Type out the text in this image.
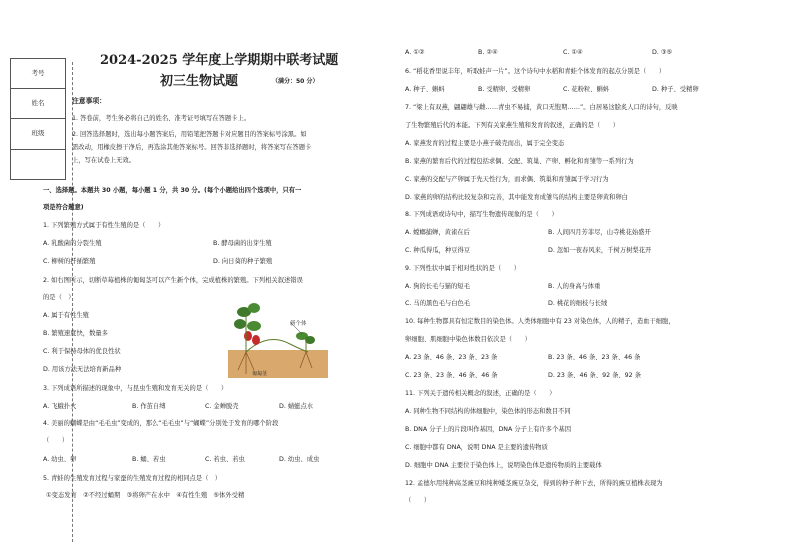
考号
姓名
班级
2024-2025 学年度上学期期中联考试题
初三生物试题	（满分：50 分）
注意事项：
1. 答卷前，考生务必将自己的姓名、准考证号填写在答题卡上。
2. 回答选择题时，选出每小题答案后，用铅笔把答题卡对应题目的答案标号涂黑。如
需改动，用橡皮擦干净后，再选涂其他答案标号。回答非选择题时，将答案写在答题卡
上，写在试卷上无效。
一、选择题。本题共 30 小题，每小题 1 分，共 30 分。(每个小题给出四个选项中，只有一
项是符合题意)
1. 下列繁殖方式属于有性生殖的是（　　）
A. 乳酸菌的分裂生殖	B. 酵母菌的出芽生殖
C. 柳树的扦插繁殖	D. 向日葵的种子繁殖
2. 如右图所示，切断草莓植株的匍匐茎可以产生新个体，完成植株的繁殖。下列相关叙述错误
的是（　）
A. 属于有性生殖
B. 繁殖速度快，数量多
C. 利于保持母体的优良性状
D. 用该方法无法培育新品种
新个体
匍匐茎
3. 下列成语所描述的现象中，与昆虫生殖和发育无关的是（　　）
A. 飞蛾扑火	B. 作茧自缚	C. 金蝉脱壳	D. 蜻蜓点水
4. 美丽的蝴蝶是由“毛毛虫”变成的，那么“毛毛虫”与“蝴蝶”分别处于发育的哪个阶段
（　　）
A. 幼虫、卵	B. 蛹、若虫	C. 若虫、若虫	D. 幼虫、成虫
5. 青蛙的生殖发育过程与家蚕的生殖发育过程的相同点是（　）
①变态发育　②不经过蛹期　③将卵产在水中　④有性生殖　⑤体外受精
A. ①②	B. ②④	C. ①④	D. ③⑤
6. “稻花香里说丰年，听取蛙声一片”。这个诗句中水稻和青蛙个体发育的起点分别是（　　）
A. 种子、蝌蚪	B. 受精卵、受精卵	C. 花粉粒、蝌蚪	D. 种子、受精卵
7. “梁上有双燕，翩翩雄与雌……青虫不易捕，黄口无饱期……”。白居易这脍炙人口的诗句，反映
了生物繁殖后代的本能。下列有关家燕生殖和发育的叙述，正确的是（　　）
A. 家燕发育的过程主要是小燕子破壳而出，属于完全变态
B. 家燕的繁育后代的过程包括求偶、交配、筑巢、产卵、孵化和育雏等一系列行为
C. 家燕的交配与产卵属于先天性行为，而求偶、筑巢和育雏属于学习行为
D. 家燕的卵的结构比较复杂和完善，其中能发育成雏鸟的结构主要是卵黄和卵白
8. 下列成语或诗句中，描写生物遗传现象的是（　　）
A. 螳螂捕蝉，黄雀在后	B. 人间四月芳菲尽，山寺桃花始盛开
C. 种瓜得瓜，种豆得豆	D. 忽如一夜春风来，千树万树梨花开
9. 下列性状中属于相对性状的是（　　）
A. 狗的长毛与猫的短毛	B. 人的身高与体重
C. 马的黑色毛与白色毛	D. 桃花的细枝与长绒
10. 每种生物都具有恒定数目的染色体。人类体细胞中有 23 对染色体，人的精子，造血干细胞，
卵细胞、肌细胞中染色体数目依次是（　　）
A. 23 条、46 条、23 条、23 条	B. 23 条、46 条、23 条、46 条
C. 23 条、23 条、46 条、46 条	D. 23 条、46 条、92 条、92 条
11. 下列关于遗传相关概念的叙述，正确的是（　　）
A. 同种生物不同结构的体细胞中，染色体的形态和数目不同
B. DNA 分子上的片段叫作基因，DNA 分子上有许多个基因
C. 细胞中都有 DNA，说明 DNA 是主要的遗传物质
D. 细胞中 DNA 主要位于染色体上，说明染色体是遗传物质的主要载体
12. 孟德尔用纯种高茎豌豆和纯种矮茎豌豆杂交，得到的种子种下去，所得的豌豆植株表现为
（　　）
